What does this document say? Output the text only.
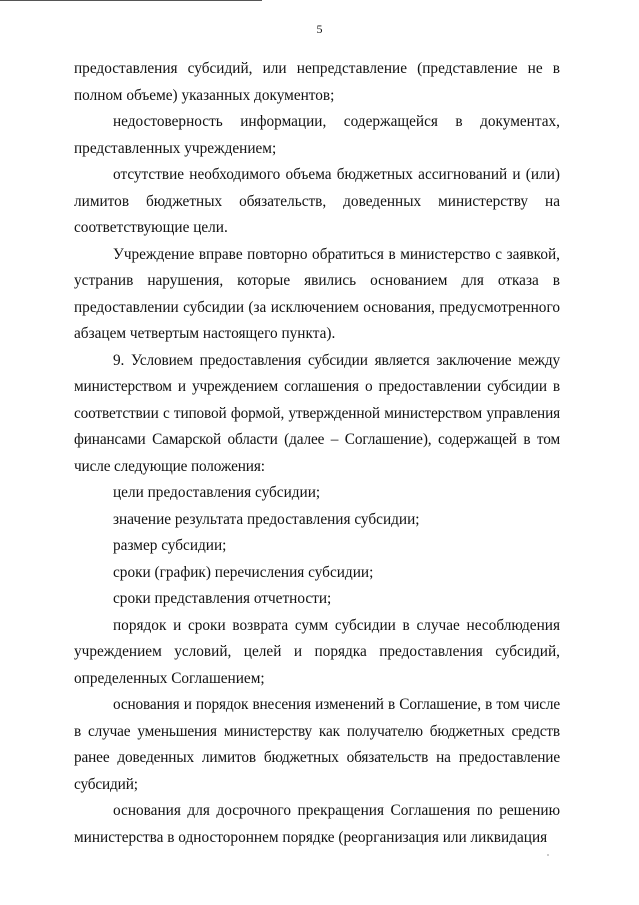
5

предоставления субсидий, или непредставление (представление не в полном объеме) указанных документов;

недостоверность информации, содержащейся в документах, представленных учреждением;

отсутствие необходимого объема бюджетных ассигнований и (или) лимитов бюджетных обязательств, доведенных министерству на соответствующие цели.

Учреждение вправе повторно обратиться в министерство с заявкой, устранив нарушения, которые явились основанием для отказа в предоставлении субсидии (за исключением основания, предусмотренного абзацем четвертым настоящего пункта).

9. Условием предоставления субсидии является заключение между министерством и учреждением соглашения о предоставлении субсидии в соответствии с типовой формой, утвержденной министерством управления финансами Самарской области (далее – Соглашение), содержащей в том числе следующие положения:

цели предоставления субсидии;

значение результата предоставления субсидии;

размер субсидии;

сроки (график) перечисления субсидии;

сроки представления отчетности;

порядок и сроки возврата сумм субсидии в случае несоблюдения учреждением условий, целей и порядка предоставления субсидий, определенных Соглашением;

основания и порядок внесения изменений в Соглашение, в том числе в случае уменьшения министерству как получателю бюджетных средств ранее доведенных лимитов бюджетных обязательств на предоставление субсидий;

основания для досрочного прекращения Соглашения по решению министерства в одностороннем порядке (реорганизация или ликвидация
